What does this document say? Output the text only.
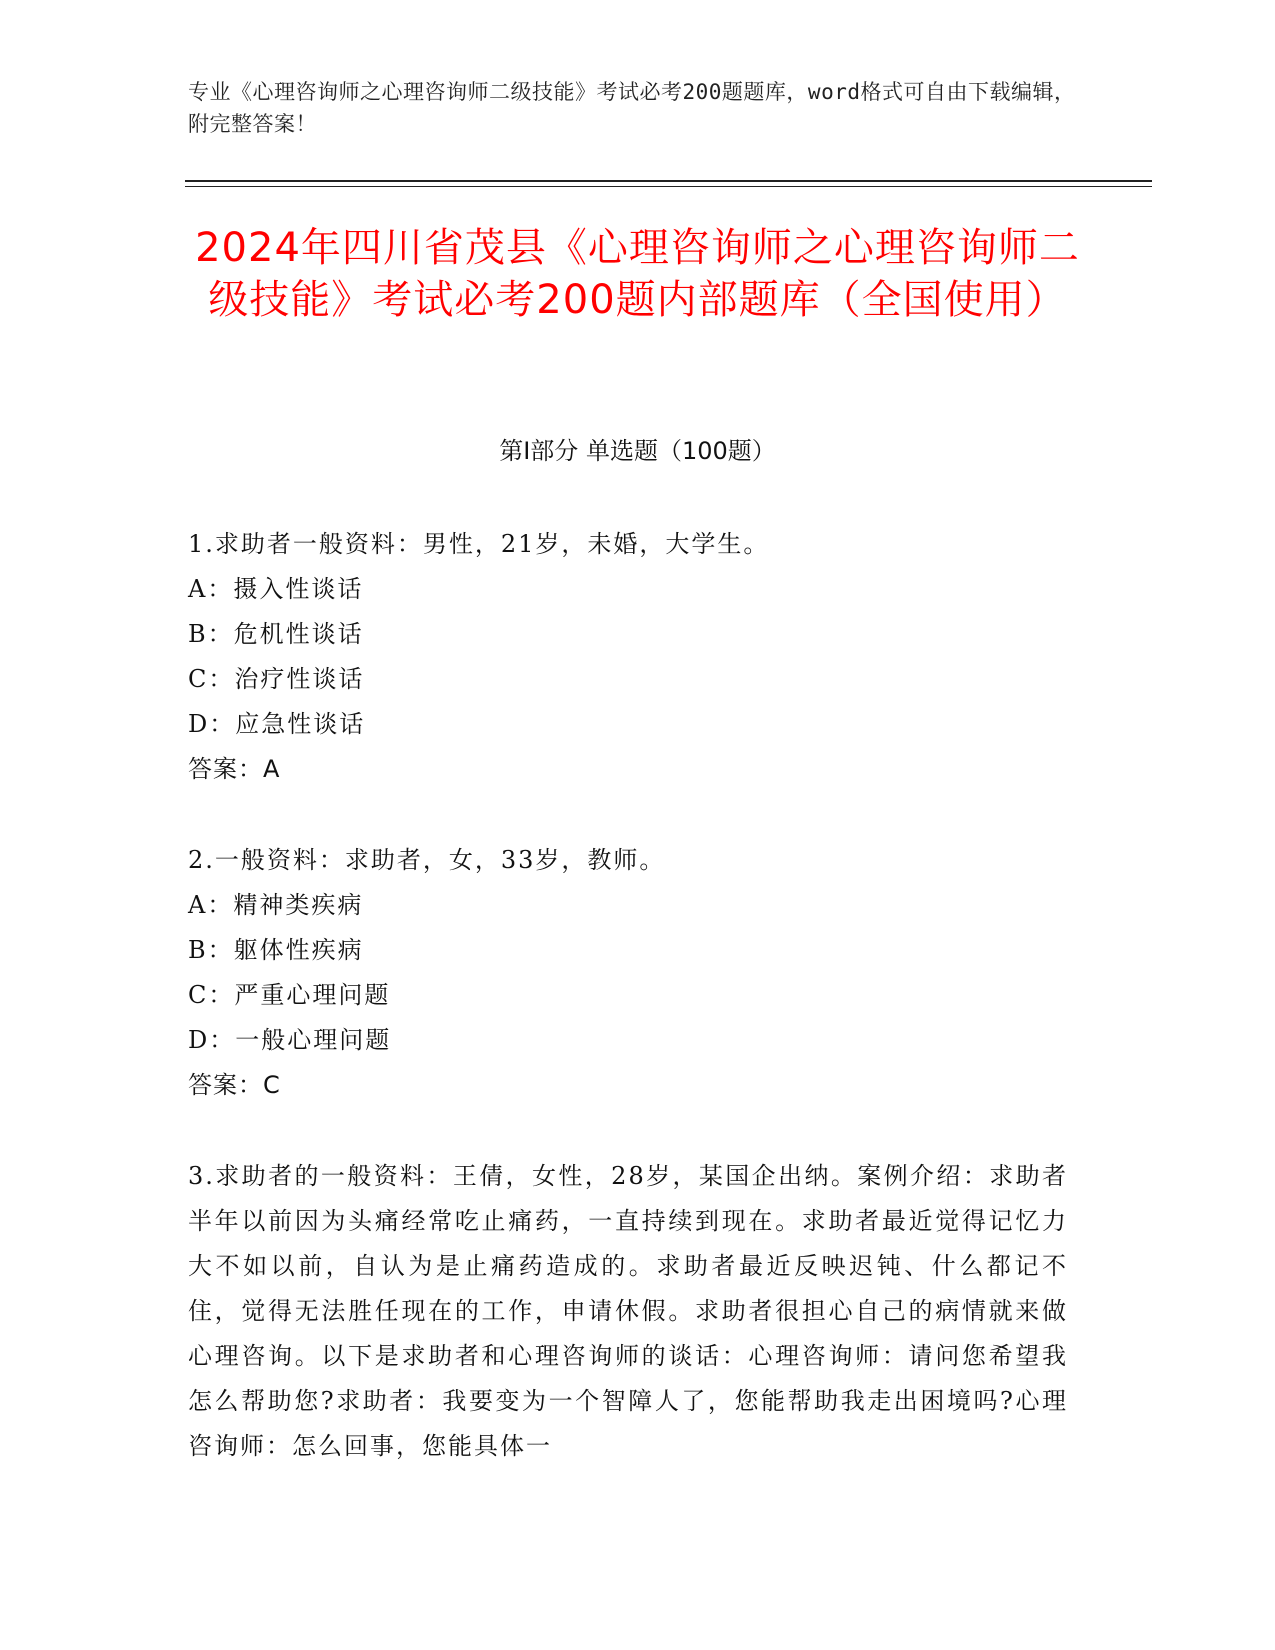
专业《心理咨询师之心理咨询师二级技能》考试必考200题题库，word格式可自由下载编辑，附完整答案！
2024年四川省茂县《心理咨询师之心理咨询师二级技能》考试必考200题内部题库（全国使用）
第Ⅰ部分 单选题（100题）
1.求助者一般资料：男性，21岁，未婚，大学生。
A：摄入性谈话
B：危机性谈话
C：治疗性谈话
D：应急性谈话
答案：A
2.一般资料：求助者，女，33岁，教师。
A：精神类疾病
B：躯体性疾病
C：严重心理问题
D：一般心理问题
答案：C
3.求助者的一般资料：王倩，女性，28岁，某国企出纳。案例介绍：求助者半年以前因为头痛经常吃止痛药，一直持续到现在。求助者最近觉得记忆力大不如以前，自认为是止痛药造成的。求助者最近反映迟钝、什么都记不住，觉得无法胜任现在的工作，申请休假。求助者很担心自己的病情就来做心理咨询。以下是求助者和心理咨询师的谈话：心理咨询师：请问您希望我怎么帮助您?求助者：我要变为一个智障人了，您能帮助我走出困境吗?心理咨询师：怎么回事，您能具体一
